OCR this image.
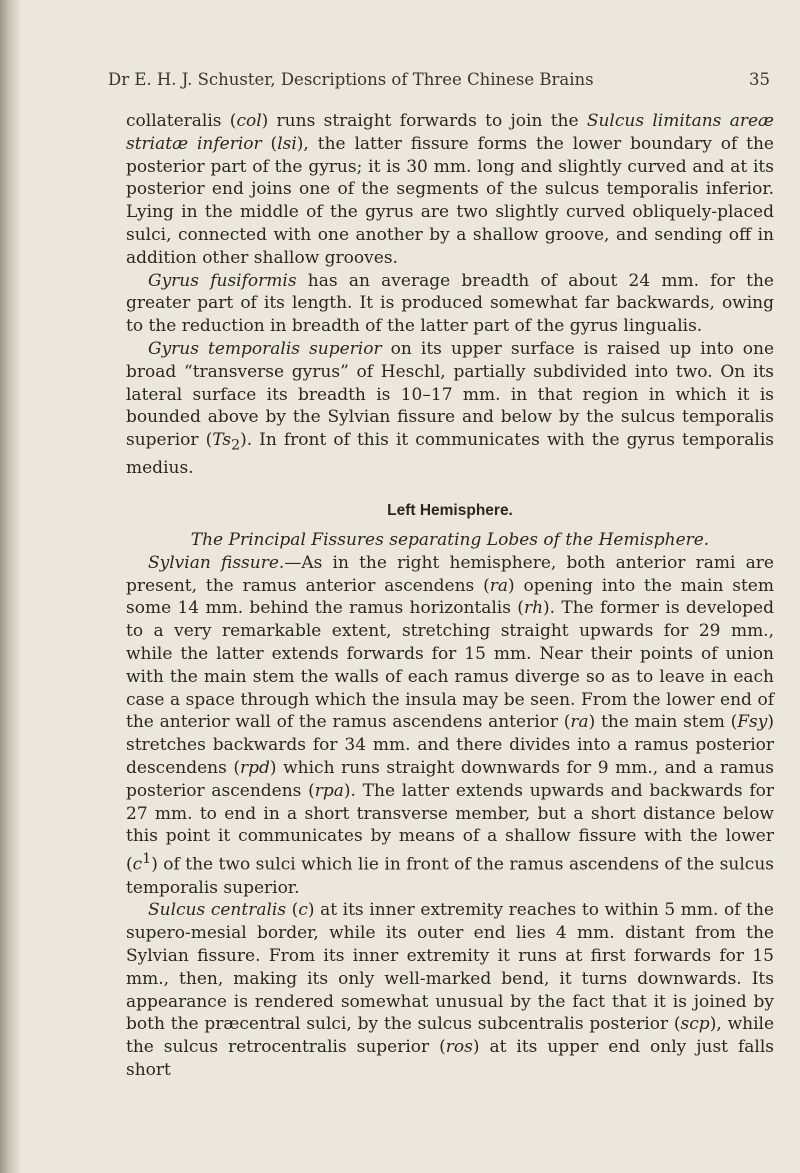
Dr E. H. J. Schuster, Descriptions of Three Chinese Brains	35

collateralis (col) runs straight forwards to join the Sulcus limitans areæ striatæ inferior (lsi), the latter fissure forms the lower boundary of the posterior part of the gyrus; it is 30 mm. long and slightly curved and at its posterior end joins one of the segments of the sulcus temporalis inferior. Lying in the middle of the gyrus are two slightly curved obliquely-placed sulci, connected with one another by a shallow groove, and sending off in addition other shallow grooves.

Gyrus fusiformis has an average breadth of about 24 mm. for the greater part of its length. It is produced somewhat far backwards, owing to the reduction in breadth of the latter part of the gyrus lingualis.

Gyrus temporalis superior on its upper surface is raised up into one broad “transverse gyrus” of Heschl, partially subdivided into two. On its lateral surface its breadth is 10–17 mm. in that region in which it is bounded above by the Sylvian fissure and below by the sulcus temporalis superior $(Ts_2)$. In front of this it communicates with the gyrus temporalis medius.

Left Hemisphere.
The Principal Fissures separating Lobes of the Hemisphere.

Sylvian fissure.—As in the right hemisphere, both anterior rami are present, the ramus anterior ascendens (ra) opening into the main stem some 14 mm. behind the ramus horizontalis (rh). The former is developed to a very remarkable extent, stretching straight upwards for 29 mm., while the latter extends forwards for 15 mm. Near their points of union with the main stem the walls of each ramus diverge so as to leave in each case a space through which the insula may be seen. From the lower end of the anterior wall of the ramus ascendens anterior (ra) the main stem (Fsy) stretches backwards for 34 mm. and there divides into a ramus posterior descendens (rpd) which runs straight downwards for 9 mm., and a ramus posterior ascendens (rpa). The latter extends upwards and backwards for 27 mm. to end in a short transverse member, but a short distance below this point it communicates by means of a shallow fissure with the lower $(c^1)$ of the two sulci which lie in front of the ramus ascendens of the sulcus temporalis superior.

Sulcus centralis (c) at its inner extremity reaches to within 5 mm. of the supero-mesial border, while its outer end lies 4 mm. distant from the Sylvian fissure. From its inner extremity it runs at first forwards for 15 mm., then, making its only well-marked bend, it turns downwards. Its appearance is rendered somewhat unusual by the fact that it is joined by both the præcentral sulci, by the sulcus subcentralis posterior (scp), while the sulcus retrocentralis superior (ros) at its upper end only just falls short
